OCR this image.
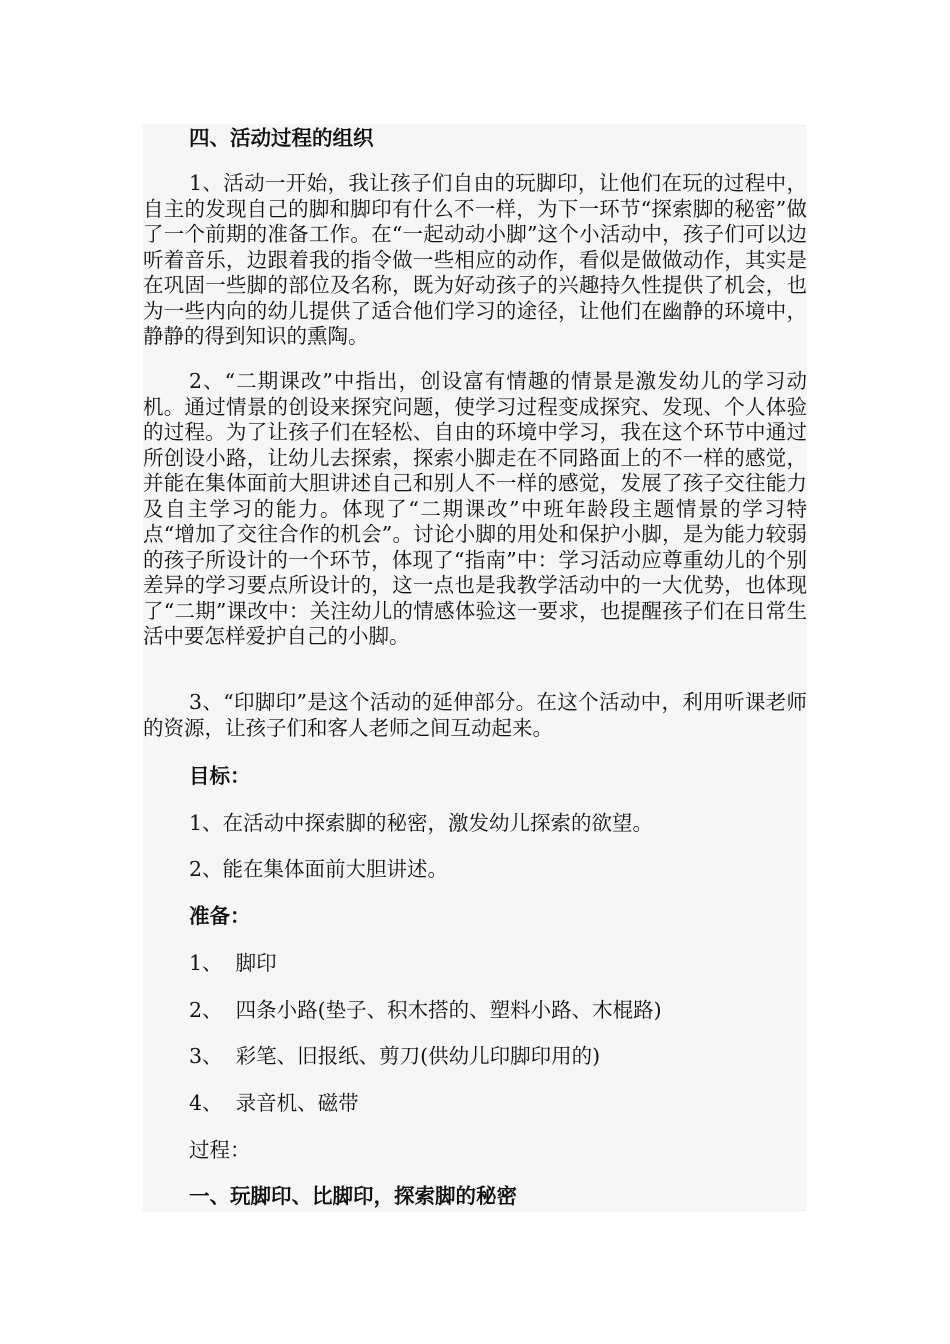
四、活动过程的组织

1、活动一开始，我让孩子们自由的玩脚印，让他们在玩的过程中，自主的发现自己的脚和脚印有什么不一样，为下一环节“探索脚的秘密”做了一个前期的准备工作。在“一起动动小脚”这个小活动中，孩子们可以边听着音乐，边跟着我的指令做一些相应的动作，看似是做做动作，其实是在巩固一些脚的部位及名称，既为好动孩子的兴趣持久性提供了机会，也为一些内向的幼儿提供了适合他们学习的途径，让他们在幽静的环境中，静静的得到知识的熏陶。

2、“二期课改”中指出，创设富有情趣的情景是激发幼儿的学习动机。通过情景的创设来探究问题，使学习过程变成探究、发现、个人体验的过程。为了让孩子们在轻松、自由的环境中学习，我在这个环节中通过所创设小路，让幼儿去探索，探索小脚走在不同路面上的不一样的感觉，并能在集体面前大胆讲述自己和别人不一样的感觉，发展了孩子交往能力及自主学习的能力。体现了“二期课改”中班年龄段主题情景的学习特点“增加了交往合作的机会”。讨论小脚的用处和保护小脚，是为能力较弱的孩子所设计的一个环节，体现了“指南”中：学习活动应尊重幼儿的个别差异的学习要点所设计的，这一点也是我教学活动中的一大优势，也体现了“二期”课改中：关注幼儿的情感体验这一要求，也提醒孩子们在日常生活中要怎样爱护自己的小脚。

3、“印脚印”是这个活动的延伸部分。在这个活动中，利用听课老师的资源，让孩子们和客人老师之间互动起来。

目标：

1、在活动中探索脚的秘密，激发幼儿探索的欲望。

2、能在集体面前大胆讲述。

准备：

1、  脚印

2、  四条小路(垫子、积木搭的、塑料小路、木棍路)

3、  彩笔、旧报纸、剪刀(供幼儿印脚印用的)

4、  录音机、磁带

过程：

一、玩脚印、比脚印，探索脚的秘密
